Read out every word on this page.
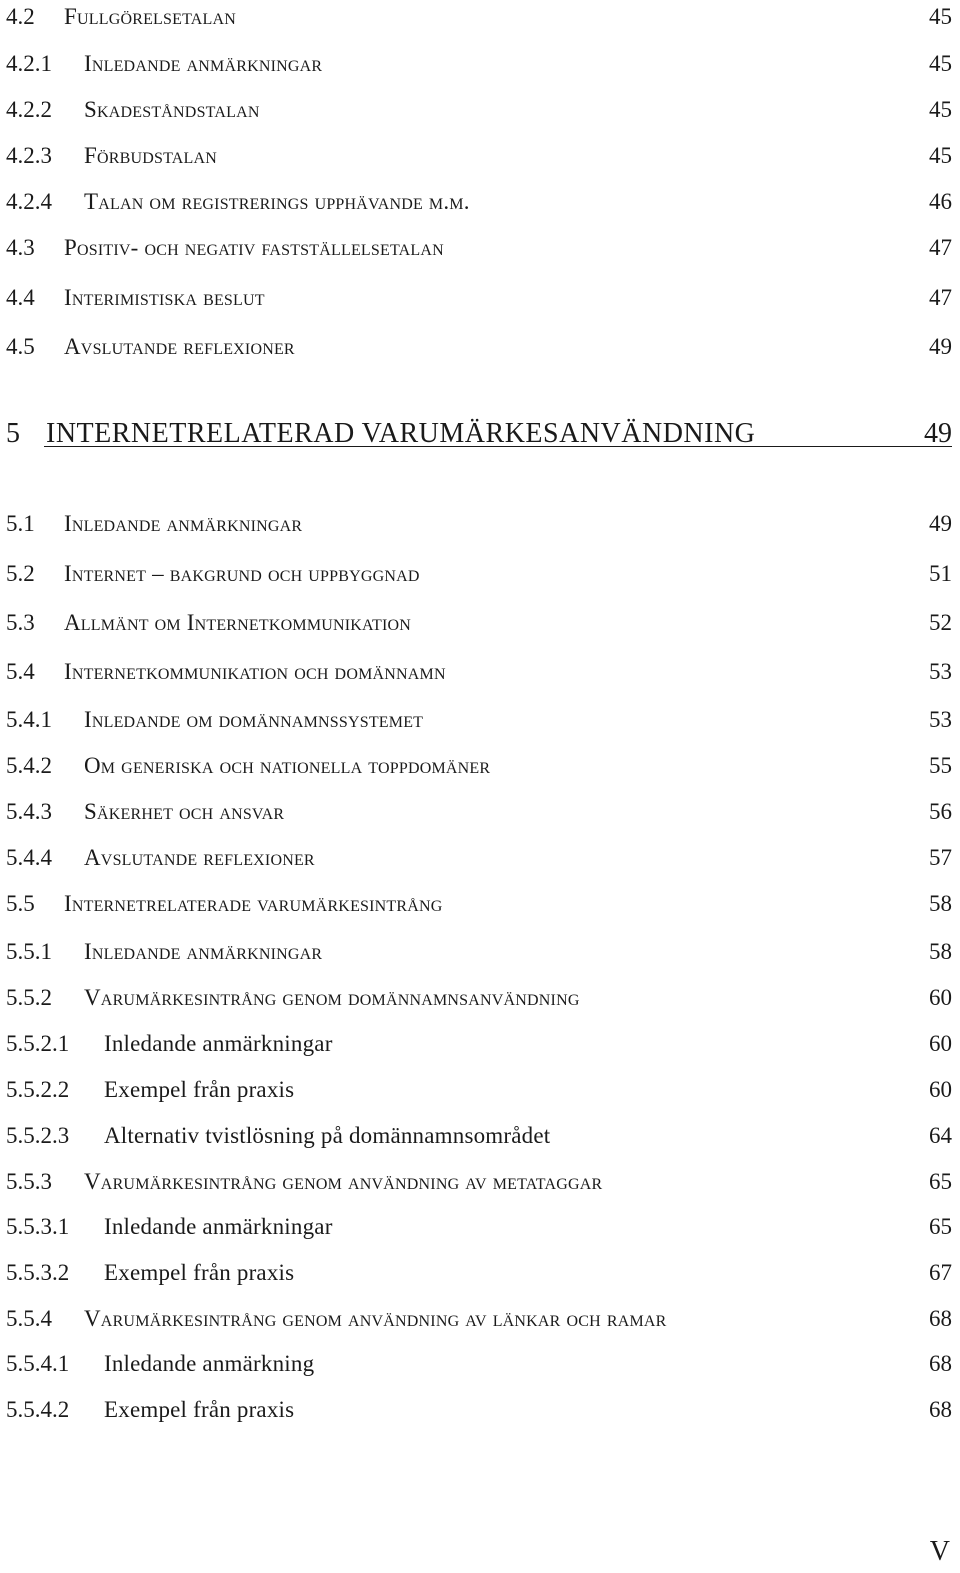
4.2 Fullgörelsetalan	45
4.2.1 Inledande anmärkningar	45
4.2.2 Skadeståndstalan	45
4.2.3 Förbudstalan	45
4.2.4 Talan om registrerings upphävande m.m.	46
4.3 Positiv- och negativ fastställelsetalan	47
4.4 Interimistiska beslut	47
4.5 Avslutande reflexioner	49
5 INTERNETRELATERAD VARUMÄRKESANVÄNDNING	49
5.1 Inledande anmärkningar	49
5.2 Internet – bakgrund och uppbyggnad	51
5.3 Allmänt om Internetkommunikation	52
5.4 Internetkommunikation och domännamn	53
5.4.1 Inledande om domännamnssystemet	53
5.4.2 Om generiska och nationella toppdomäner	55
5.4.3 Säkerhet och ansvar	56
5.4.4 Avslutande reflexioner	57
5.5 Internetrelaterade varumärkesintrång	58
5.5.1 Inledande anmärkningar	58
5.5.2 Varumärkesintrång genom domännamnsanvändning	60
5.5.2.1 Inledande anmärkningar	60
5.5.2.2 Exempel från praxis	60
5.5.2.3 Alternativ tvistlösning på domännamnsområdet	64
5.5.3 Varumärkesintrång genom användning av metataggar	65
5.5.3.1 Inledande anmärkningar	65
5.5.3.2 Exempel från praxis	67
5.5.4 Varumärkesintrång genom användning av länkar och ramar	68
5.5.4.1 Inledande anmärkning	68
5.5.4.2 Exempel från praxis	68
V
